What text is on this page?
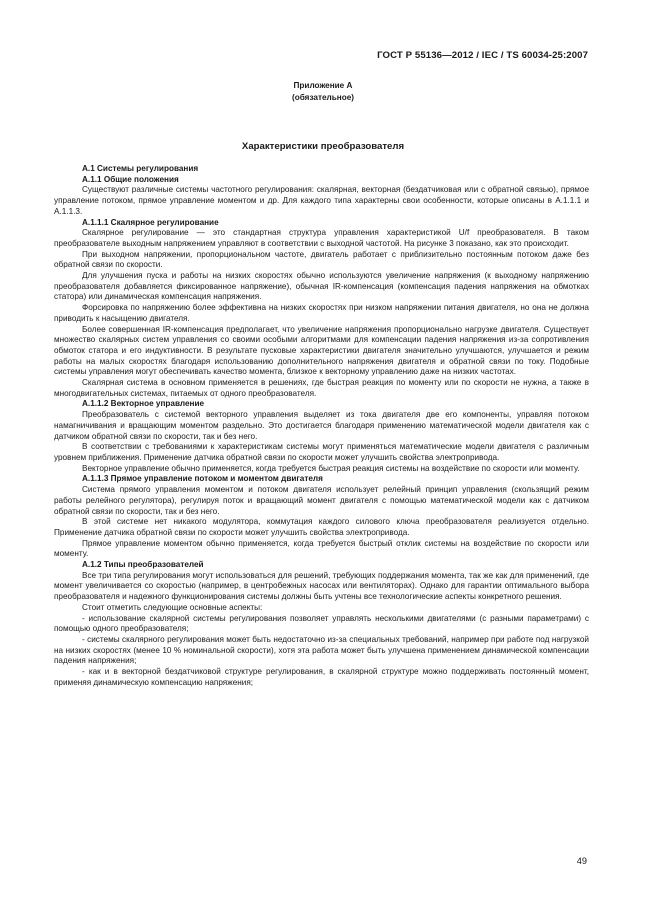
ГОСТ Р 55136—2012 / IEC / TS 60034-25:2007
Приложение А
(обязательное)
Характеристики преобразователя
А.1 Системы регулирования
А.1.1 Общие положения
Существуют различные системы частотного регулирования: скалярная, векторная (бездатчиковая или с обратной связью), прямое управление потоком, прямое управление моментом и др. Для каждого типа характерны свои особенности, которые описаны в А.1.1.1 и А.1.1.3.
А.1.1.1 Скалярное регулирование
Скалярное регулирование — это стандартная структура управления характеристикой U/f преобразователя. В таком преобразователе выходным напряжением управляют в соответствии с выходной частотой. На рисунке 3 показано, как это происходит.
При выходном напряжении, пропорциональном частоте, двигатель работает с приблизительно постоянным потоком даже без обратной связи по скорости.
Для улучшения пуска и работы на низких скоростях обычно используются увеличение напряжения (к выходному напряжению преобразователя добавляется фиксированное напряжение), обычная IR-компенсация (компенсация падения напряжения на обмотках статора) или динамическая компенсация напряжения.
Форсировка по напряжению более эффективна на низких скоростях при низком напряжении питания двигателя, но она не должна приводить к насыщению двигателя.
Более совершенная IR-компенсация предполагает, что увеличение напряжения пропорционально нагрузке двигателя. Существует множество скалярных систем управления со своими особыми алгоритмами для компенсации падения напряжения из-за сопротивления обмоток статора и его индуктивности. В результате пусковые характеристики двигателя значительно улучшаются, улучшается и режим работы на малых скоростях благодаря использованию дополнительного напряжения двигателя и обратной связи по току. Подобные системы управления могут обеспечивать качество момента, близкое к векторному управлению даже на низких частотах.
Скалярная система в основном применяется в решениях, где быстрая реакция по моменту или по скорости не нужна, а также в многодвигательных системах, питаемых от одного преобразователя.
А.1.1.2 Векторное управление
Преобразователь с системой векторного управления выделяет из тока двигателя две его компоненты, управляя потоком намагничивания и вращающим моментом раздельно. Это достигается благодаря применению математической модели двигателя как с датчиком обратной связи по скорости, так и без него.
В соответствии с требованиями к характеристикам системы могут применяться математические модели двигателя с различным уровнем приближения. Применение датчика обратной связи по скорости может улучшить свойства электропривода.
Векторное управление обычно применяется, когда требуется быстрая реакция системы на воздействие по скорости или моменту.
А.1.1.3 Прямое управление потоком и моментом двигателя
Система прямого управления моментом и потоком двигателя использует релейный принцип управления (скользящий режим работы релейного регулятора), регулируя поток и вращающий момент двигателя с помощью математической модели как с датчиком обратной связи по скорости, так и без него.
В этой системе нет никакого модулятора, коммутация каждого силового ключа преобразователя реализуется отдельно. Применение датчика обратной связи по скорости может улучшить свойства электропривода.
Прямое управление моментом обычно применяется, когда требуется быстрый отклик системы на воздействие по скорости или моменту.
А.1.2 Типы преобразователей
Все три типа регулирования могут использоваться для решений, требующих поддержания момента, так же как для применений, где момент увеличивается со скоростью (например, в центробежных насосах или вентиляторах). Однако для гарантии оптимального выбора преобразователя и надежного функционирования системы должны быть учтены все технологические аспекты конкретного решения.
Стоит отметить следующие основные аспекты:
- использование скалярной системы регулирования позволяет управлять несколькими двигателями (с разными параметрами) с помощью одного преобразователя;
- системы скалярного регулирования может быть недостаточно из-за специальных требований, например при работе под нагрузкой на низких скоростях (менее 10 % номинальной скорости), хотя эта работа может быть улучшена применением динамической компенсации падения напряжения;
- как и в векторной бездатчиковой структуре регулирования, в скалярной структуре можно поддерживать постоянный момент, применяя динамическую компенсацию напряжения;
49
